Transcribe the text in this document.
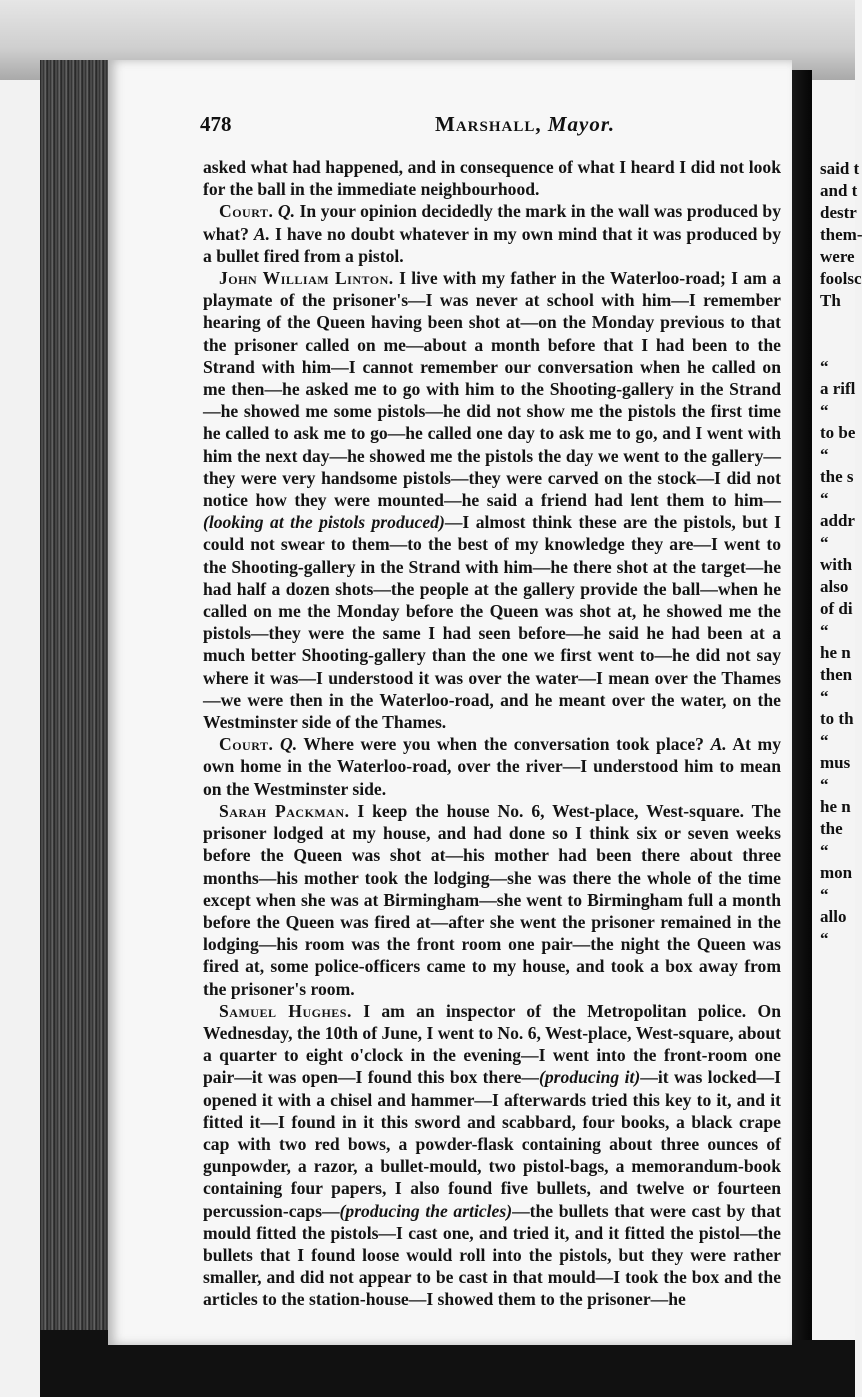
said t
and t
destr
them-
were
foolsc
Th
“
a rifl
“
to be
“
the s
“
addr
“
with
also
of di
“
he n
then
“
to th
“
mus
“
he n
the
“
mon
“
allo
“
478	Marshall, Mayor.

asked what had happened, and in consequence of what I heard I did not look for the ball in the immediate neighbourhood.

Court. Q. In your opinion decidedly the mark in the wall was produced by what? A. I have no doubt whatever in my own mind that it was produced by a bullet fired from a pistol.

John William Linton. I live with my father in the Waterloo-road; I am a playmate of the prisoner's—I was never at school with him—I remember hearing of the Queen having been shot at—on the Monday previous to that the prisoner called on me—about a month before that I had been to the Strand with him—I cannot remember our conversation when he called on me then—he asked me to go with him to the Shooting-gallery in the Strand—he showed me some pistols—he did not show me the pistols the first time he called to ask me to go—he called one day to ask me to go, and I went with him the next day—he showed me the pistols the day we went to the gallery—they were very handsome pistols—they were carved on the stock—I did not notice how they were mounted—he said a friend had lent them to him—(looking at the pistols produced)—I almost think these are the pistols, but I could not swear to them—to the best of my knowledge they are—I went to the Shooting-gallery in the Strand with him—he there shot at the target—he had half a dozen shots—the people at the gallery provide the ball—when he called on me the Monday before the Queen was shot at, he showed me the pistols—they were the same I had seen before—he said he had been at a much better Shooting-gallery than the one we first went to—he did not say where it was—I understood it was over the water—I mean over the Thames—we were then in the Waterloo-road, and he meant over the water, on the Westminster side of the Thames.

Court. Q. Where were you when the conversation took place? A. At my own home in the Waterloo-road, over the river—I understood him to mean on the Westminster side.

Sarah Packman. I keep the house No. 6, West-place, West-square. The prisoner lodged at my house, and had done so I think six or seven weeks before the Queen was shot at—his mother had been there about three months—his mother took the lodging—she was there the whole of the time except when she was at Birmingham—she went to Birmingham full a month before the Queen was fired at—after she went the prisoner remained in the lodging—his room was the front room one pair—the night the Queen was fired at, some police-officers came to my house, and took a box away from the prisoner's room.

Samuel Hughes. I am an inspector of the Metropolitan police. On Wednesday, the 10th of June, I went to No. 6, West-place, West-square, about a quarter to eight o'clock in the evening—I went into the front-room one pair—it was open—I found this box there—(producing it)—it was locked—I opened it with a chisel and hammer—I afterwards tried this key to it, and it fitted it—I found in it this sword and scabbard, four books, a black crape cap with two red bows, a powder-flask containing about three ounces of gunpowder, a razor, a bullet-mould, two pistol-bags, a memorandum-book containing four papers, I also found five bullets, and twelve or fourteen percussion-caps—(producing the articles)—the bullets that were cast by that mould fitted the pistols—I cast one, and tried it, and it fitted the pistol—the bullets that I found loose would roll into the pistols, but they were rather smaller, and did not appear to be cast in that mould—I took the box and the articles to the station-house—I showed them to the prisoner—he
